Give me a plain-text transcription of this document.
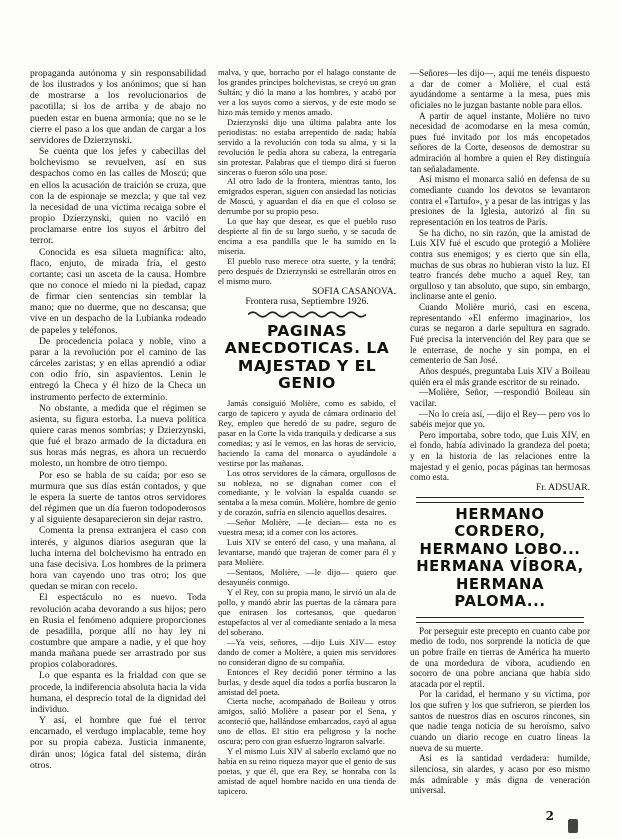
propaganda autónoma y sin responsabilidad de los ilustrados y los anónimos; que si han de mostrarse a los revolucionarios de pacotilla; si los de arriba y de abajo no pueden estar en buena armonía; que no se le cierre el paso a los que andan de cargar a los servidores de Dzierzynski.

Se cuenta que los jefes y cabecillas del bolchevismo se revuelven, así en sus despachos como en las calles de Moscú; que en ellos la acusación de traición se cruza, que con la de espionaje se mezcla; y que tal vez la necesidad de una víctima recaiga sobre el propio Dzierzynski, quien no vaciló en proclamarse entre los suyos el árbitro del terror.

Conocida es esa silueta magnífica: alto, flaco, enjuto, de mirada fría, el gesto cortante; casi un asceta de la causa. Hombre que no conoce el miedo ni la piedad, capaz de firmar cien sentencias sin temblar la mano; que no duerme, que no descansa; que vive en un despacho de la Lubianka rodeado de papeles y teléfonos.

De procedencia polaca y noble, vino a parar a la revolución por el camino de las cárceles zaristas; y en ellas aprendió a odiar con odio frío, sin aspavientos. Lenin le entregó la Checa y él hizo de la Checa un instrumento perfecto de exterminio.

No obstante, a medida que el régimen se asienta, su figura estorba. La nueva política quiere caras menos sombrías; y Dzierzynski, que fué el brazo armado de la dictadura en sus horas más negras, es ahora un recuerdo molesto, un hombre de otro tiempo.

Por eso se habla de su caída; por eso se murmura que sus días están contados, y que le espera la suerte de tantos otros servidores del régimen que un día fueron todopoderosos y al siguiente desaparecieron sin dejar rastro.

Comenta la prensa extranjera el caso con interés, y algunos diarios aseguran que la lucha interna del bolchevismo ha entrado en una fase decisiva. Los hombres de la primera hora van cayendo uno tras otro; los que quedan se miran con recelo.

El espectáculo no es nuevo. Toda revolución acaba devorando a sus hijos; pero en Rusia el fenómeno adquiere proporciones de pesadilla, porque allí no hay ley ni costumbre que ampare a nadie, y el que hoy manda mañana puede ser arrastrado por sus propios colaboradores.

Lo que espanta es la frialdad con que se procede, la indiferencia absoluta hacia la vida humana, el desprecio total de la dignidad del individuo.

Y así, el hombre que fué el terror encarnado, el verdugo implacable, teme hoy por su propia cabeza. Justicia inmanente, dirán unos; lógica fatal del sistema, dirán otros.

malva, y que, borracho por el halago constante de los grandes príncipes bolchevistas, se creyó un gran Sultán; y dió la mano a los hombres, y acabó por ver a los suyos como a siervos, y de este modo se hizo más temido y menos amado.

Dzierzynski dijo una última palabra ante los periodistas: no estaba arrepentido de nada; había servido a la revolución con toda su alma, y si la revolución le pedía ahora su cabeza, la entregaría sin protestar. Palabras que el tiempo dirá si fueron sinceras o fueron sólo una pose.

Al otro lado de la frontera, mientras tanto, los emigrados esperan, siguen con ansiedad las noticias de Moscú, y aguardan el día en que el coloso se derrumbe por su propio peso.

Lo que hay que desear, es que el pueblo ruso despierte al fin de su largo sueño, y se sacuda de encima a esa pandilla que le ha sumido en la miseria.

El pueblo ruso merece otra suerte, y la tendrá; pero después de Dzierzynski se estrellarán otros en el mismo muro.

SOFIA CASANOVA.

Frontera rusa, Septiembre 1926.

PAGINAS ANECDOTICAS. LA MAJESTAD Y EL GENIO

Jamás consiguió Molière, como es sabido, el cargo de tapicero y ayuda de cámara ordinario del Rey, empleo que heredó de su padre, seguro de pasar en la Corte la vida tranquila y dedicarse a sus comedias; y así le vemos, en las horas de servicio, haciendo la cama del monarca o ayudándole a vestirse por las mañanas.

Los otros servidores de la cámara, orgullosos de su nobleza, no se dignaban comer con el comediante, y le volvían la espalda cuando se sentaba a la mesa común. Molière, hombre de genio y de corazón, sufría en silencio aquellos desaires.

—Señor Molière, —le decían— esta no es vuestra mesa; id a comer con los actores.

Luis XIV se enteró del caso, y una mañana, al levantarse, mandó que trajeran de comer para él y para Molière.

—Sentaos, Molière, —le dijo— quiero que desayunéis conmigo.

Y el Rey, con su propia mano, le sirvió un ala de pollo, y mandó abrir las puertas de la cámara para que entrasen los cortesanos, que quedaron estupefactos al ver al comediante sentado a la mesa del soberano.

—Ya veis, señores, —dijo Luis XIV— estoy dando de comer a Molière, a quien mis servidores no consideran digno de su compañía.

Entonces el Rey decidió poner término a las burlas, y desde aquel día todos a porfía buscaron la amistad del poeta.

Cierta noche, acompañado de Boileau y otros amigos, salió Molière a pasear por el Sena, y aconteció que, hallándose embarcados, cayó al agua uno de ellos. El sitio era peligroso y la noche oscura; pero con gran esfuerzo lograron salvarle.

Y el mismo Luis XIV al saberlo exclamó que no había en su reino riqueza mayor que el genio de sus poetas, y que él, que era Rey, se honraba con la amistad de aquel hombre nacido en una tienda de tapicero.

—Señores—les dijo—, aquí me tenéis dispuesto a dar de comer a Molière, el cual está ayudándome a sentarme a la mesa, pues mis oficiales no le juzgan bastante noble para ellos.

A partir de aquel instante, Molière no tuvo necesidad de acomodarse en la mesa común, pues fué invitado por los más encopetados señores de la Corte, deseosos de demostrar su admiración al hombre a quien el Rey distinguía tan señaladamente.

Así mismo el monarca salió en defensa de su comediante cuando los devotos se levantaron contra el «Tartufo», y a pesar de las intrigas y las presiones de la Iglesia, autorizó al fin su representación en los teatros de París.

Se ha dicho, no sin razón, que la amistad de Luis XIV fué el escudo que protegió a Molière contra sus enemigos; y es cierto que sin ella, muchas de sus obras no hubieran visto la luz. El teatro francés debe mucho a aquel Rey, tan orgulloso y tan absoluto, que supo, sin embargo, inclinarse ante el genio.

Cuando Molière murió, casi en escena, representando «El enfermo imaginario», los curas se negaron a darle sepultura en sagrado. Fué precisa la intervención del Rey para que se le enterrase, de noche y sin pompa, en el cementerio de San José.

Años después, preguntaba Luis XIV a Boileau quién era el más grande escritor de su reinado.

—Molière, Señor, —respondió Boileau sin vacilar.

—No lo creía así, —dijo el Rey— pero vos lo sabéis mejor que yo.

Pero importaba, sobre todo, que Luis XIV, en el fondo, había adivinado la grandeza del poeta; y en la historia de las relaciones entre la majestad y el genio, pocas páginas tan hermosas como esta.

Fr. ADSUAR.

HERMANO CORDERO, HERMANO LOBO... HERMANA VÍBORA, HERMANA PALOMA...

Por perseguir este precepto en cuanto cabe por medio de todo, nos sorprende la noticia de que un pobre fraile en tierras de América ha muerto de una mordedura de víbora, acudiendo en socorro de una pobre anciana que había sido atacada por el reptil.

Por la caridad, el hermano y su víctima, por los que sufren y los que sufrieron, se pierden los santos de nuestros días en oscuros rincones, sin que nadie tenga noticia de su heroísmo, salvo cuando un diario recoge en cuatro líneas la nueva de su muerte.

Así es la santidad verdadera: humilde, silenciosa, sin alardes, y acaso por eso mismo más admirable y más digna de veneración universal.

2
